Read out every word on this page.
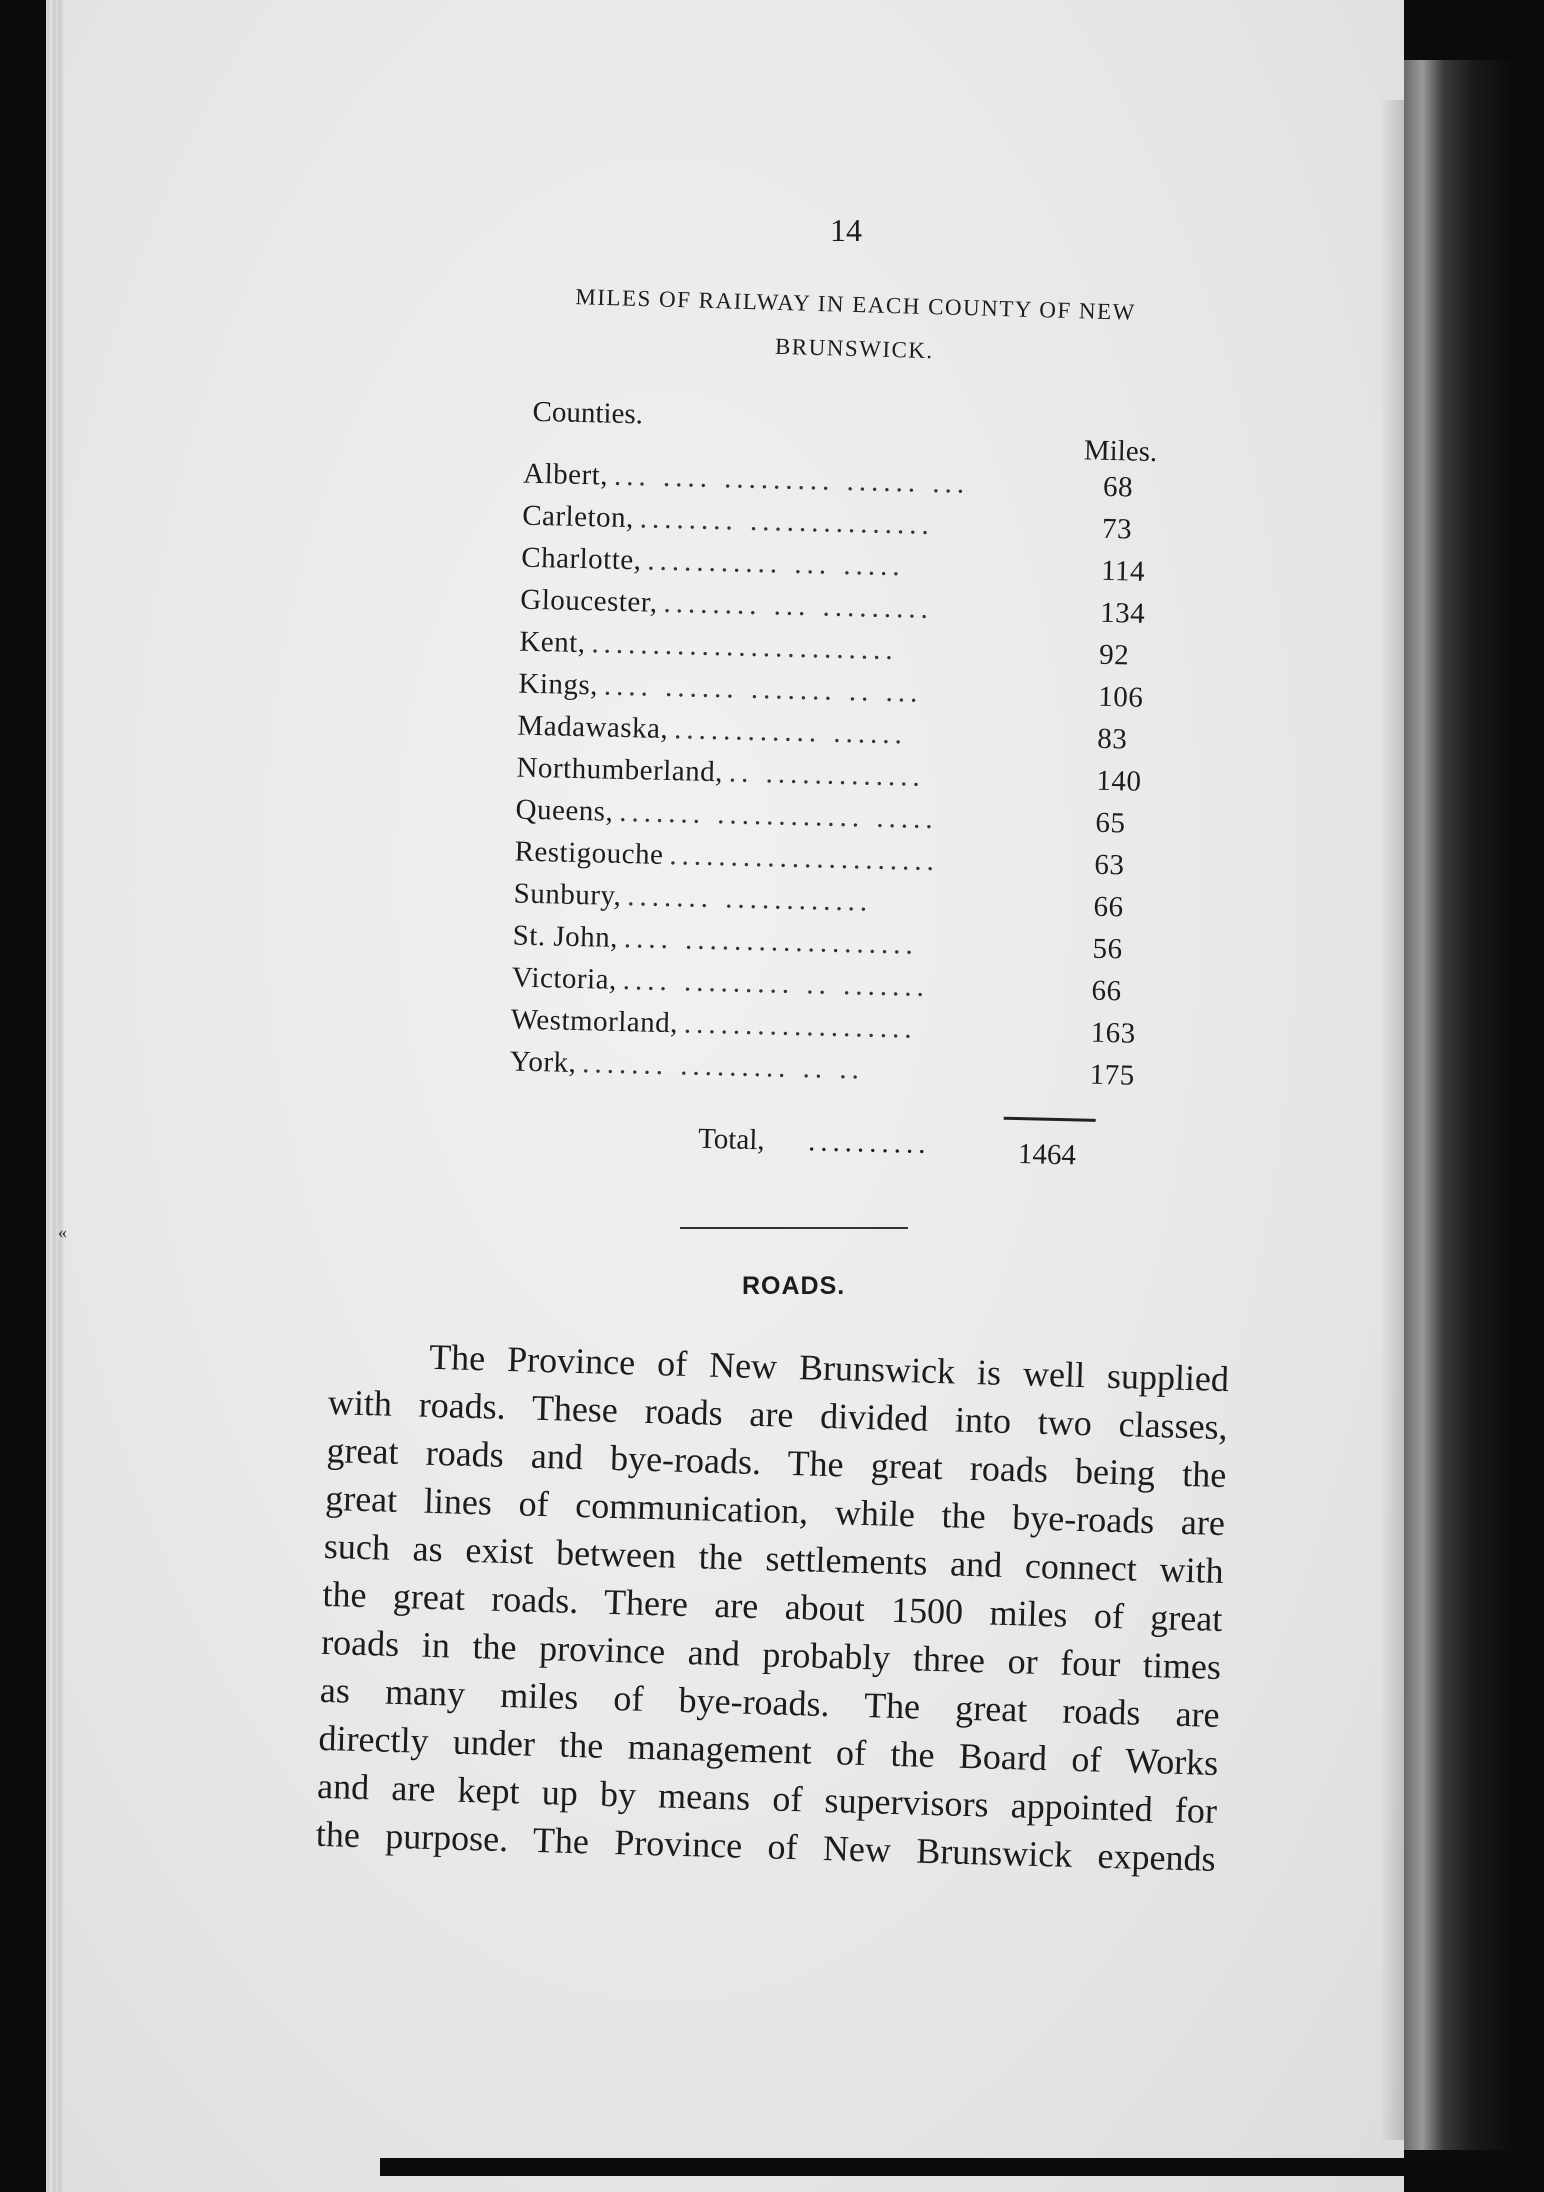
«
14
MILES OF RAILWAY IN EACH COUNTY OF NEW
BRUNSWICK.
Counties.
Miles.
Albert, ... .... ......... ...... ...	68
Carleton, ........ ...............	73
Charlotte, ........... ... .....	114
Gloucester, ........ ... .........	134
Kent, .........................	92
Kings, .... ...... ....... .. ...	106
Madawaska, ............ ......	83
Northumberland, .. .............	140
Queens, ....... ............ .....	65
Restigouche ......................	63
Sunbury, ....... ............	66
St. John, .... ...................	56
Victoria, .... ......... .. .......	66
Westmorland, ...................	163
York, ....... ......... .. ..	175
Total, ..........	1464
ROADS.
The Province of New Brunswick is well supplied
with roads. These roads are divided into two classes,
great roads and bye-roads. The great roads being the
great lines of communication, while the bye-roads are
such as exist between the settlements and connect with
the great roads. There are about 1500 miles of great
roads in the province and probably three or four times
as many miles of bye-roads. The great roads are
directly under the management of the Board of Works
and are kept up by means of supervisors appointed for
the purpose. The Province of New Brunswick expends
